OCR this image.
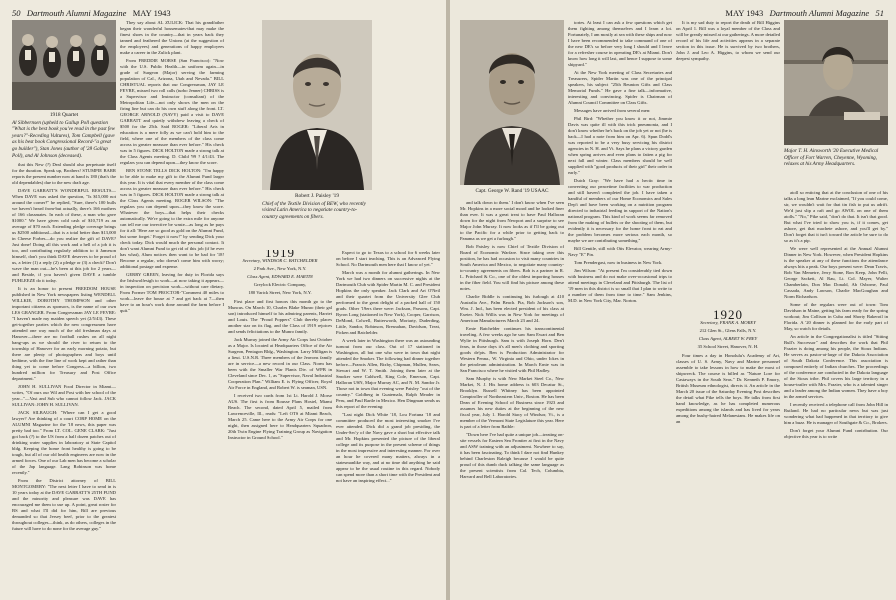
50 Dartmouth Alumni Magazine MAY 1943
1918 Quartet
Al Sibbernsen (upheld to Gallup Poll question "What is the best book you've read in the past few years?"-Receding Vultures), Tom Campbell (gave as his best book Congressional Record-"a great go builder"), Stan Jones (author of '28 Gallup Poll), and Al Johnson (deceased).

that this New (?) Deal should also perpetuate itself for the duration. Speak up, Brothers! STUMPIE BARR reports the present number now at hand is 180 (that's the old dependables) due to the new draft age.

DAVE GARRATT'S WONDERFUL RESULTS—When DAVE was asked the question, "Is $15,000 not around the corner?" he replied, "Sure, there's 100 bulls we haven't heard from-but actually, there's 166 mothers of 166 classmates. In each of these, a man who gave $1000." We have given cold cash of $10,719 as an average of $70 each. Extending pledge coverage brings us $2500 additional—that is a total better than $13,000 in Cheese Forbes—do you realize the gift of DAVE? Just done! Doing all this work and a hell of a job it is too, and contributing regularly addition to it Jameson himself, don't you think DAVE deserves to be proud of us, a letter (1) a reply (2) a pledge or (3) a check? Don't wave the man out—he's been at this job for 2 years—and Beside, if you haven't given DAVE a tumble PUHLEEZE do it today.

It is an honor to present FREEDOM HOUSE published in New York newspapers listing WENDELL WILLKIE, DOROTHY THOMPSON and other important citizens as sponsors, is the name of our own LES GRANGER. From Congressman JAY LE FEVRE: "I haven't made my maiden speech yet (2/5/43). These get-together parties which the new congressmen have attended one way much of the old freshman days at Hanover—there are no football rushes on all night bang-ups as we should the river to return to the township of Hanover for an early morning potato, but there are plenty of photographers and boys until bedtime, with the fine line of work kept and rather than thing yet to come before Congress—a billion, two hundred million for Treasury and Post Office department."

JOHN H. SULLIVAN Food Director in Miami—writes, "Of ours our Wil and Post with her school of the year..."—Vast and Sub who cannot follow Jack. JACK SULLIVAN: JOHN H. SULLIVAN.

JACK SILBAUGH: "Where can I get a good lawyer? Are thinking of a court CORP HOME on the ALUMNI Magazine for the '18 news, this paper was pretty bad too." From LT. COL. GENE CLARK: "Just got back (?) to the US from a half dozen patches out of drinking water supplies in laboratory at State Capitol bldg. Keeping the home front healthy is going to be tough, but all of our old health engineers are now in the armed forces. One of our Lab men has become a scholar of the Jap language. Lang Robinson was home recently."

From the District attorney of BILL MONTGOMERY: "The next letter I have to send in is 10 years today at the DAVE GARRATT'S 25TH FUND and the minority and pleasure was DAVE has encouraged me them to use up. A point, great roster for BS and what I'll did for him, Bill are previous demanded so that Jersey beef, prior to the greatest throughout colleges—think, as do others, colleges in the future will have to do none for the average guy."

They say about AL ZULICK: That his grandfather began their wonderful housemates-that may make the finest shoes in the country—that in years back they tanned and feathered the Unions (at the suggestion of the employees) and generations of happy employees make a career in the Zulick plant.

From FREDDIE MORSE (San Francisco): "Now with the U.S. Public Health—in uniform again—in grade of Surgeon (Major) serving the farming population of Cal., Arizona, Utah and Nevada." BILL CHRISTUAL reports that our Congressman, JAY LE FEVRE, missed two roll calls (turbo Jenner) CHRISS is a Supervisor and Instructor (consultant) of the Metropolitan Life—not only shows the men on the firing line but can do his own stuff along the front. LT. GEORGE ARNOLD (NAVY) paid a visit to DAVE GARRATT and quietly withdrew leaving a check of $500 for the 25th. Said ROGER: "Liberal Arts in education is a mere folly as we can't hold him to the field, where one of the members of the class come across in greater measure than ever before." His check was in 5 figures. DICK HOLTON made a strong talk at the Class Agents meeting. D. Child '99 ? 4/1/43. The regulars you can depend upon—they know the score.

BEN STONE TELLS DICK HOLTON: "I'm happy to be able to make my gift to the Alumni Fund larger this year. It is vital that every member of the class come across in greater measure than ever before." His check was in 5 figures. DICK HOLTON made a strong talk at the Class Agents meeting. ROGER WILSON: "The regulars you can depend upon—they know the score. Whatever the boys—that helps their checks automatically. We're going to the extra mile for anyone can tell me our invective be waste—as long as he pays for it all: 'Here are so good as gold on the Alumni Fund, but some forget.' Forget it now!" by sending Dick your check today. Dick would much the personal contact. It don't want Alumni Fund to get rid of this job (if he ever has what), Alum notices then want to be bad for '18! Become a regular, who doesn't come him with worry; additional postage and expense.

GERRY GREEN, leaving for duty in Florida says the Irishwolfesigh to work—at now taking it appears—in inspection on precision work—without care dietary. From Former TOM PROCTOR-"Comment 40 miles to work—leave the house at 7 and get back at 7—then have to an hour's work done around the farm before I quit."

1919

Secretary, WINDSOR C. BATCHELDER

2 Park Ave., New York, N.Y.

Class Agent, EDWARD E. MARTIN

Greylock Electric Company,

180 Varick Street, New York, N.Y.

First place and first honors this month go to the Muncus. On March 10, Charles Blake Munro (their gal son) introduced himself to his admiring parents, Harriet and Louis. The "Proud Poppers" Club thereby places another star on its flag, and the Class of 1919 rejoices and sends felicitations to the Munro family.

Jack Murray joined the Army Air Corps last October as a Major. Is located at Headquarters Office of the Air Surgeon, Pentagon Bldg., Washington. Larry Milligan is a lieut. U.S.N.R. Three members of the Jeavons family are in service—a new record in our Class. Norm has been with the Smaller War Plants Div. of WPB in Cleveland since Dec. 1, as "Supervisor, Naval Industrial Cooperation Plan." William E. is Flying Officer, Royal Air Force in England, and Robert W. is seaman, USN.

I received two cards from 1st Lt. Harold J. Morse AUS. The first is from Rousse Plans Hostel, Miami Beach. The second, dated April 5, mailed from Lawrenceville, Ill., reads: "Left OTS at Miami Beach, March 25. Came here to the Army Air Corps for one night, then assigned here to Headquarters Squadron, 20th Twin Engine Flying Training Group as Navigation Instructor in Ground School."

Robert J. Paisley '19
Chief of the Textile Division of BEW, who recently visited Latin America to negotiate country-to-country agreements on fibers.

Expect to go to Texas to a school for 6 weeks later on before I start teaching. This is an Advanced Flying School. No Dartmouth men here that I know of yet."

March was a month for alumni gatherings. In New York we had two dinners on successive nights at the Dartmouth Club with Spider Martin M. C. and President Hopkins the only speaker. Jack Clark and Art O'Neil and their quartet from the University Glee Club performed to the great delight of a packed hall of 150 grads. Other '19ers there were: Jackson, Parsons, Capt. Byron Long (stationed in New York), Cooper, Garrison, DeMond, Colwell, Butterworth, Moriarty, Duderding, Little, Sandor, Robinson, Bresnahan, Davidson, Treat, Picken and Batchelder.

A week later in Washington there was an astounding turnout from our class. Out of 17 stationed in Washington, all but one who were in town that night attended the Smoker. The following had dinner together before—Francis Allen, Bixby, Chipman, Mullen, Sears, Stewart and W. T. Smith. Joining them later at the Smoker were Caldwell, King Cole, Emerson, Capt. Halloran USN, Major Murray AC, and N. M. Sandor Jr. Those not in town that evening were Paisley "out of the country." Goldberg in Guatemala, Ralph Meader in Peru, and Paul Bartle in Mexico. Hen Dingman sends us this report of the evening:

"Last night Dick White '18, Lou Fortuna '18 and committee produced the most interesting smoker I've ever attended. Dick did a grand job presiding, the Under-Sec'y of the Navy gave a short but effective talk and Mr. Hopkins presented the picture of the liberal college and its purpose in the present scheme of things in the most impressive and interesting manner. For over an hour he covered many matters, always in a statesmanlike way, and at no time did anything he said appear to be the usual routine in this regard. Nobody can spend more than a short time with the President and not have an inspiring effect..."

MAY 1943 Dartmouth Alumni Magazine 51
Capt. George W. Rand '19 USAAC

and talk down to them.' I don't know when I've seen Mr. Hopkins in a more social mood and he looked finer than ever. It was a great treat to have Paul Halloran down for the night from Newport and a surprise to see Major John Murray. It now looks as if I'll be going out to the Pacific for a while prior to getting back to Panama as we get a furlough."

Bob Paisley is now Chief of Textile Division of Board of Economic Warfare. Since taking over this position, he has had occasion to visit many countries in South America and Mexico, to negotiate many country-to-country agreements on fibers. Bob is a partner in R. L. Pritchard & Co., one of the oldest importing houses in the fiber field. You will find his picture among these notes.

Charlie Biddle is continuing his furlough at 410 Australia Ave., Palm Beach. Pia, Bob Jackson's son, Wm. J. Ind., has been elected president of his class at Exeter. Nick Willis was in New York for meetings of American Manufacturers March 23 and 24.

Ernie Batchelder continues his transcontinental traveling. A few weeks ago he saw Sam Ewart and Ben Wylie in Pittsburgh. Sam is with Joseph Horn. Den't fears, in those days it's all men's clothing and sporting goods de'pts. Ben is Production Administrator for Western Penna., W. Virginia and Ohio, under Ickes in the petroleum administration. In March Ernie was in San Francisco where he visited with Phil Hadley.

Sam Murphy is with New Market Steel Co., New Market, N. J. His home address is 603 Decatur St., Brooklyn. Russell Whitney has been appointed Comptroller of Northeastern Univ., Boston. He has been Dean of Evening School of Business since 1923 and assumes his new duties at the beginning of the new fiscal year, July 1. Harold Stacy of Windsor, Vt., is a member of the Vermont State Legislature this year. Here is part of a letter from Raible:

"Down here I've had quite a unique job—treating on-site vessels for Eastern Sea Frontier at first in the Navy and ASW training with an adjustment. Nowhere to say, it has been fascinating. To think I dare not find Hunkey behind Charleston Raleigh because I would be quite proud of this dumb duck talking the same language as the present scientists from Cal. Tech, Columbia, Harvard and Bell Laboratories.

tories. At least I can ask a few questions which get them fighting among themselves and I learn a lot. Fortunately, I am mostly at sea with these ships and now I have been recommended to take command of one of the new DE's so before very long I should and I leave for a refresher course in operating DE's at Miami. Don't know how long it will last, and hence I suppose to some shipyard."

At the New York meeting of Class Secretaries and Treasurers, Spider Martin was one of the principal speakers, his subject "25th Reunion Gifts and Class Memorial Funds." He gave a fine talk—informative, interesting and convincing. Spider is Chairman of Alumni Council Committee on Class Gifts.

Messages have arrived from several men:

Phil Bird: "Whether you know it or not, Jimmie Davis was quite ill with this trick pneumonia, and I don't know whether he's back on the job yet or not (he is back—I had a note from him on Apr. 6). Spun Dodd's was reported to be a very busy servicing his district agencies in N. H. and Vt. Says he plans a victory garden when spring arrives and even plans to fatten a pig for next fall and winter. Class members should be well supplied with "good products of their girl" their order in early."

Dutch Gray: "We have had a hectic time in converting our peacetime facilities to war production and still haven't completed the job. I have taken a handful of members of our Home Economics and Sales Dep't and have been working on a nutrition program directed to industrial feeding in support of the Nation's national program. This kind of work seems far removed from the making of bullets or the shooting of them, but evidently it is necessary for the home front to eat and the problem becomes more serious each month, so maybe we are contributing something."

Bill Gentile, still with Otis Elevator, wearing Army-Navy "E" Pin.

Tom Prendergast, now in business in New York.

Jim Wilson: "At present I'm considerably tied down with business and do not make over-occasional trips to attend meetings in Cleveland and Pittsburgh. The list of '19 men in this district is so small that I plan to write to a number of them from time to time." Sam Jenkins, M.D. in New York City, Mar. Norton.

It is my sad duty to report the death of Bill Higgins on April 1. Bill was a loyal member of the Class and will be greatly missed at our gatherings. A more detailed record of his life and activities appears in a separate section in this issue. He is survived by two brothers, John J. and Leo A. Higgins, to whom we send our deepest sympathy.

1920

Secretary, FRANK A. MOREY

212 Glen St., Glens Falls, N.Y.

Class Agent, ALBERT W. FREY

35 School Street, Hanover, N. H.

Four times a day in Honolulu's Academy of Art, classes of U. S. Army, Navy and Marine personnel assemble to take lessons in how to make the most of shipwreck. The course is billed as "Nature Lore for Castaways in the South Seas." Dr. Kenneth P. Emory, British Museum ethnologist, directs it. An article in the March 20 issue of the Saturday Evening Post describes the detail what Pike tells the boys. He talks from first hand knowledge, as he has completed numerous expeditions among the islands and has lived for years among the bushy-haired Melanesians. He makes life on an

Major T. H. Ainsworth '20 Executive Medical Officer of Fort Warren, Cheyenne, Wyoming, relaxes at his Army Headquarters.

atoll so enticing that at the conclusion of one of his talks a long lean Marine exclaimed, "If you could come, sir, we wouldn't wait for that tin fish to put us adrift. We'd just slip a raft and go AWOL on one of them atolls." "No," Pike said, "don't do that. It isn't that good. But what I've tried to show you is, if it comes, get ashore, get that machete ashore, and you'll get by." Don't forget that it isn't toward the article be sure to do so as it's a pip.

We were well represented at the Annual Alumni Dinner in New York. However, when President Hopkins is the speaker at any of these functions the attendance always hits a peak. Our boys present were: Dean Travis, Bob Van Memetre, Jerry Stone, Ron Keep, John Felli, George Sackett, Al Rau, Lt. Col. Mayer, Walter Chamberlain, Don Mac Donald, Ab Osborne, Paul Cassada, Andy Lawson, Charlie MacGoughan and Norm Richardson.

Some of the regulars were out of town: Tom Davidson in Maine, getting his farm ready for the spring workout; Jim Collison in Cuba and Shorty Bakeroil in Florida. A '20 dinner is planned for the early part of May, so watch for details.

An article in the Congregationalist is titled "Sitting Bull's Successor" and describes the work that Phil Frazier is doing among his people, the Sioux Indians. He serves as pastor-at-large of the Dakota Association of South Dakota Conference. This association is composed entirely of Indian churches. The proceedings of the conference are conducted in the Dakota language of the Sioux tribe. Phil covers his large territory in a house-trailer with Mrs. Frazier, who is a talented singer and a leader among the Indian women. They have a boy in the armed services.

I recently received a telephone call from John Hill in Rutland. He had no particular news but was just wondering what had happened in that territory to give him a buzz. He is manager of Southgate & Co., Brokers.

Don't forget your Alumni Fund contribution. Our objective this year is to write
